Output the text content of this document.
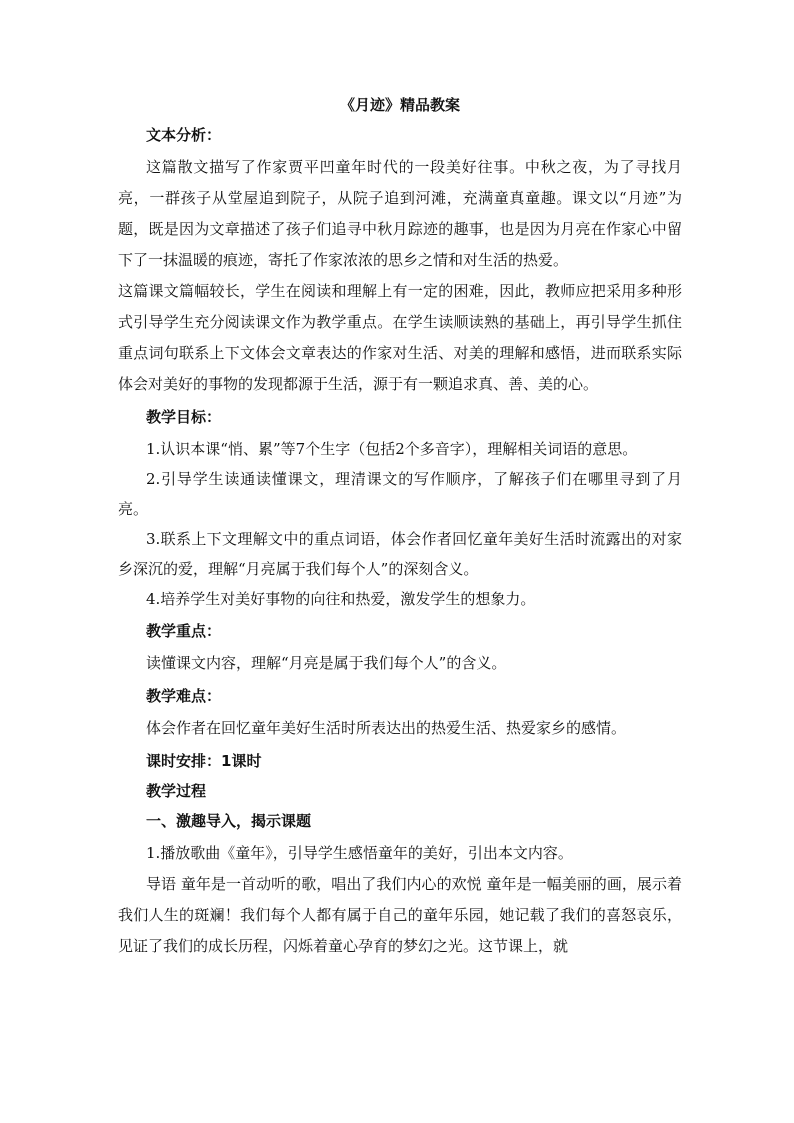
《月迹》精品教案
文本分析：

这篇散文描写了作家贾平凹童年时代的一段美好往事。中秋之夜，为了寻找月亮，一群孩子从堂屋追到院子，从院子追到河滩，充满童真童趣。课文以“月迹”为题，既是因为文章描述了孩子们追寻中秋月踪迹的趣事，也是因为月亮在作家心中留下了一抹温暖的痕迹，寄托了作家浓浓的思乡之情和对生活的热爱。

这篇课文篇幅较长，学生在阅读和理解上有一定的困难，因此，教师应把采用多种形式引导学生充分阅读课文作为教学重点。在学生读顺读熟的基础上，再引导学生抓住重点词句联系上下文体会文章表达的作家对生活、对美的理解和感悟，进而联系实际体会对美好的事物的发现都源于生活，源于有一颗追求真、善、美的心。

教学目标：

1.认识本课“悄、累”等7个生字（包括2个多音字），理解相关词语的意思。

2.引导学生读通读懂课文，理清课文的写作顺序，了解孩子们在哪里寻到了月亮。

3.联系上下文理解文中的重点词语，体会作者回忆童年美好生活时流露出的对家乡深沉的爱，理解“月亮属于我们每个人”的深刻含义。

4.培养学生对美好事物的向往和热爱，激发学生的想象力。

教学重点：

读懂课文内容，理解“月亮是属于我们每个人”的含义。

教学难点：

体会作者在回忆童年美好生活时所表达出的热爱生活、热爱家乡的感情。

课时安排：1课时
教学过程
一、激趣导入，揭示课题

1.播放歌曲《童年》，引导学生感悟童年的美好，引出本文内容。

导语 童年是一首动听的歌，唱出了我们内心的欢悦 童年是一幅美丽的画，展示着我们人生的斑斓！我们每个人都有属于自己的童年乐园，她记载了我们的喜怒哀乐，见证了我们的成长历程，闪烁着童心孕育的梦幻之光。这节课上，就
